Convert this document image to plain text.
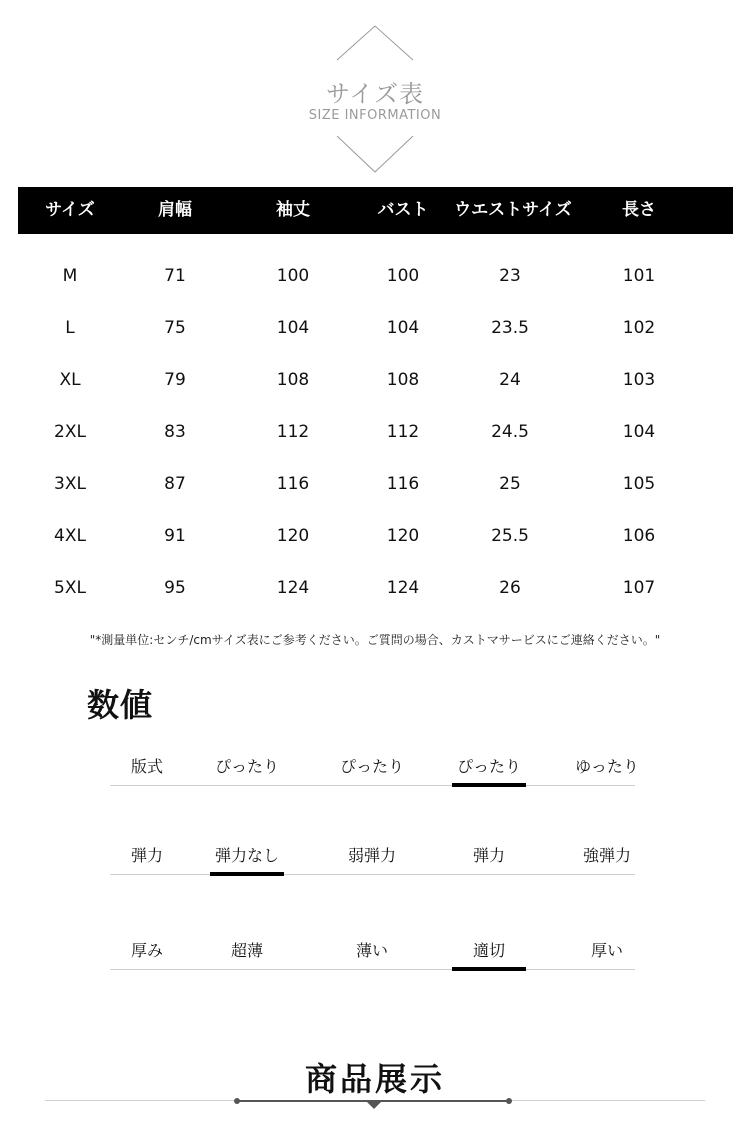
サイズ表
SIZE INFORMATION
サイズ	肩幅	袖丈	バスト	ウエストサイズ	長さ
M	71	100	100	23	101
L	75	104	104	23.5	102
XL	79	108	108	24	103
2XL	83	112	112	24.5	104
3XL	87	116	116	25	105
4XL	91	120	120	25.5	106
5XL	95	124	124	26	107
"*測量単位:センチ/cmサイズ表にご参考ください。ご質問の場合、カストマサービスにご連絡ください。"
数値
版式	ぴったり	ぴったり	ぴったり	ゆったり
弾力	弾力なし	弱弾力	弾力	強弾力
厚み	超薄	薄い	適切	厚い
商品展示
